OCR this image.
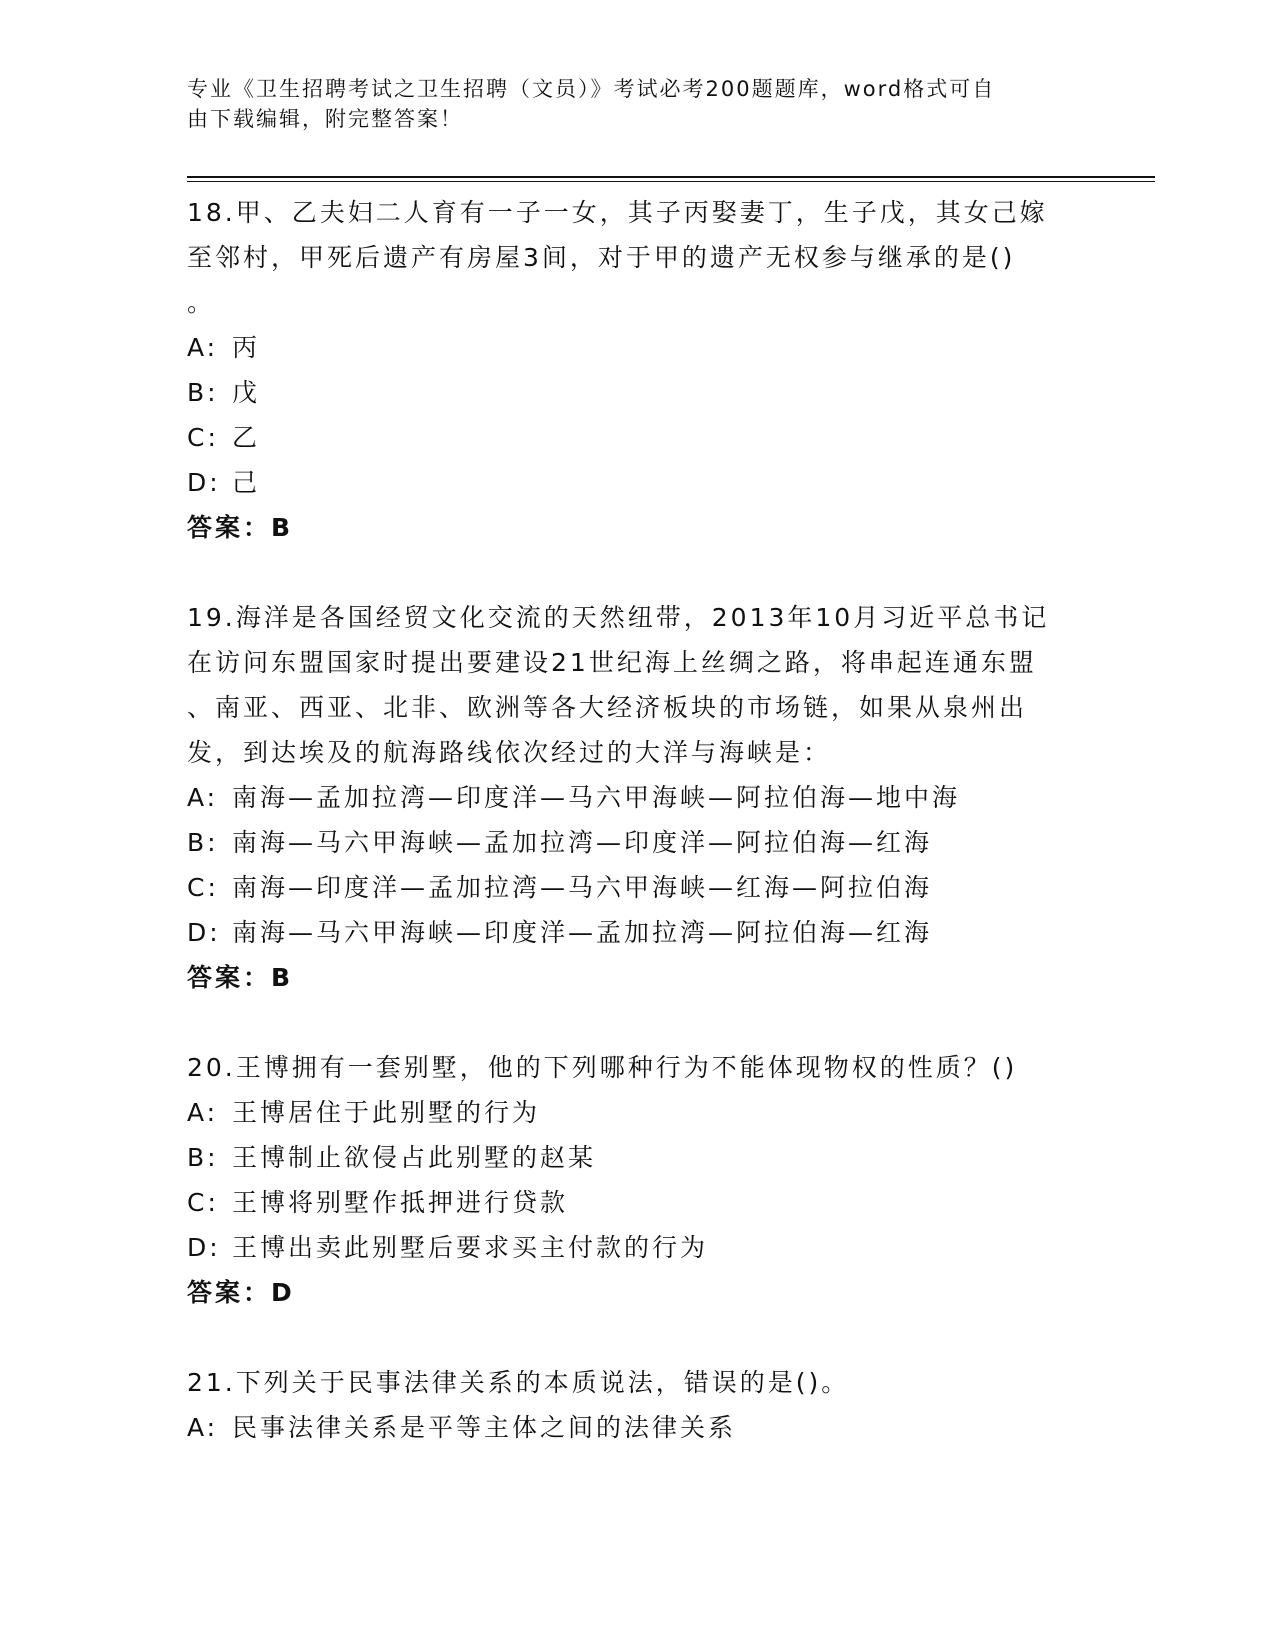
专业《卫生招聘考试之卫生招聘（文员）》考试必考200题题库，word格式可自
由下载编辑，附完整答案！
18.甲、乙夫妇二人育有一子一女，其子丙娶妻丁，生子戊，其女己嫁
至邻村，甲死后遗产有房屋3间，对于甲的遗产无权参与继承的是()
。
A: 丙
B: 戊
C: 乙
D: 己
答案：B
19.海洋是各国经贸文化交流的天然纽带，2013年10月习近平总书记
在访问东盟国家时提出要建设21世纪海上丝绸之路，将串起连通东盟
、南亚、西亚、北非、欧洲等各大经济板块的市场链，如果从泉州出
发，到达埃及的航海路线依次经过的大洋与海峡是：
A: 南海—孟加拉湾—印度洋—马六甲海峡—阿拉伯海—地中海
B: 南海—马六甲海峡—孟加拉湾—印度洋—阿拉伯海—红海
C: 南海—印度洋—孟加拉湾—马六甲海峡—红海—阿拉伯海
D: 南海—马六甲海峡—印度洋—孟加拉湾—阿拉伯海—红海
答案：B
20.王博拥有一套别墅，他的下列哪种行为不能体现物权的性质？()
A: 王博居住于此别墅的行为
B: 王博制止欲侵占此别墅的赵某
C: 王博将别墅作抵押进行贷款
D: 王博出卖此别墅后要求买主付款的行为
答案：D
21.下列关于民事法律关系的本质说法，错误的是()。
A: 民事法律关系是平等主体之间的法律关系
